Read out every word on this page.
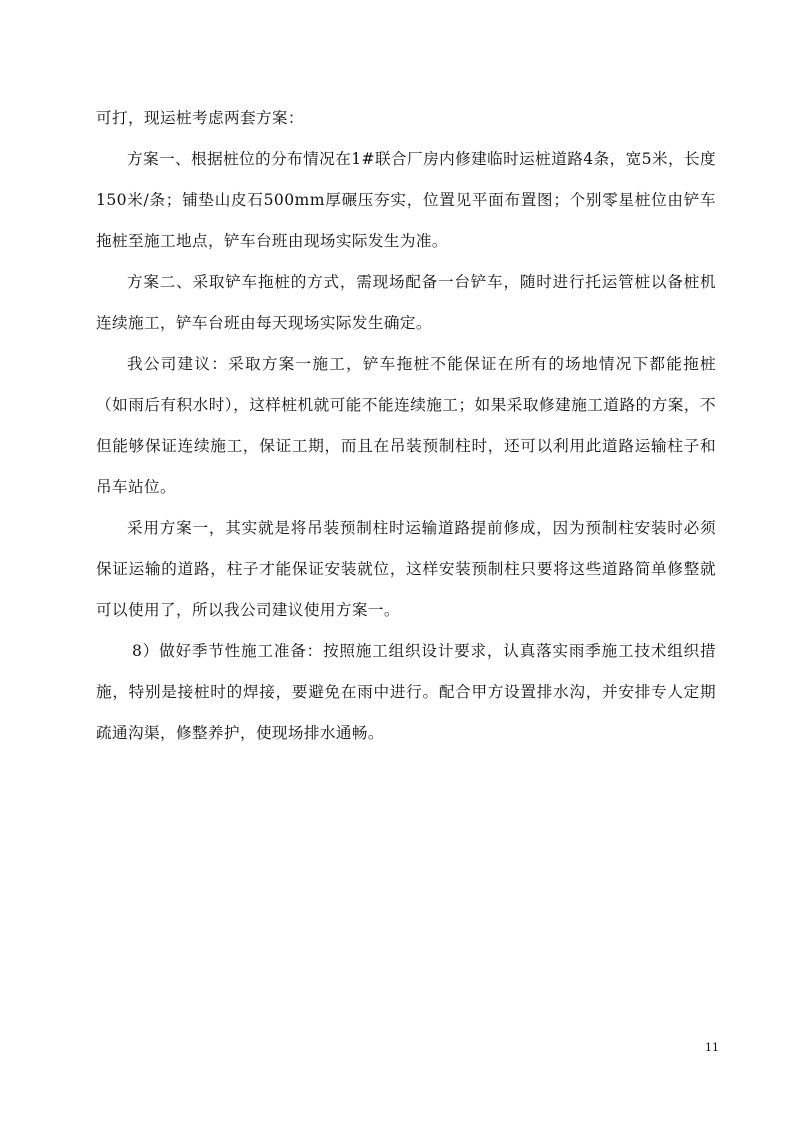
可打，现运桩考虑两套方案：

方案一、根据桩位的分布情况在1#联合厂房内修建临时运桩道路4条，宽5米，长度150米/条；铺垫山皮石500mm厚碾压夯实，位置见平面布置图；个别零星桩位由铲车拖桩至施工地点，铲车台班由现场实际发生为准。

方案二、采取铲车拖桩的方式，需现场配备一台铲车，随时进行托运管桩以备桩机连续施工，铲车台班由每天现场实际发生确定。

我公司建议：采取方案一施工，铲车拖桩不能保证在所有的场地情况下都能拖桩（如雨后有积水时），这样桩机就可能不能连续施工；如果采取修建施工道路的方案，不但能够保证连续施工，保证工期，而且在吊装预制柱时，还可以利用此道路运输柱子和吊车站位。

采用方案一，其实就是将吊装预制柱时运输道路提前修成，因为预制柱安装时必须保证运输的道路，柱子才能保证安装就位，这样安装预制柱只要将这些道路简单修整就可以使用了，所以我公司建议使用方案一。

8）做好季节性施工准备：按照施工组织设计要求，认真落实雨季施工技术组织措施，特别是接桩时的焊接，要避免在雨中进行。配合甲方设置排水沟，并安排专人定期疏通沟渠，修整养护，使现场排水通畅。

11
